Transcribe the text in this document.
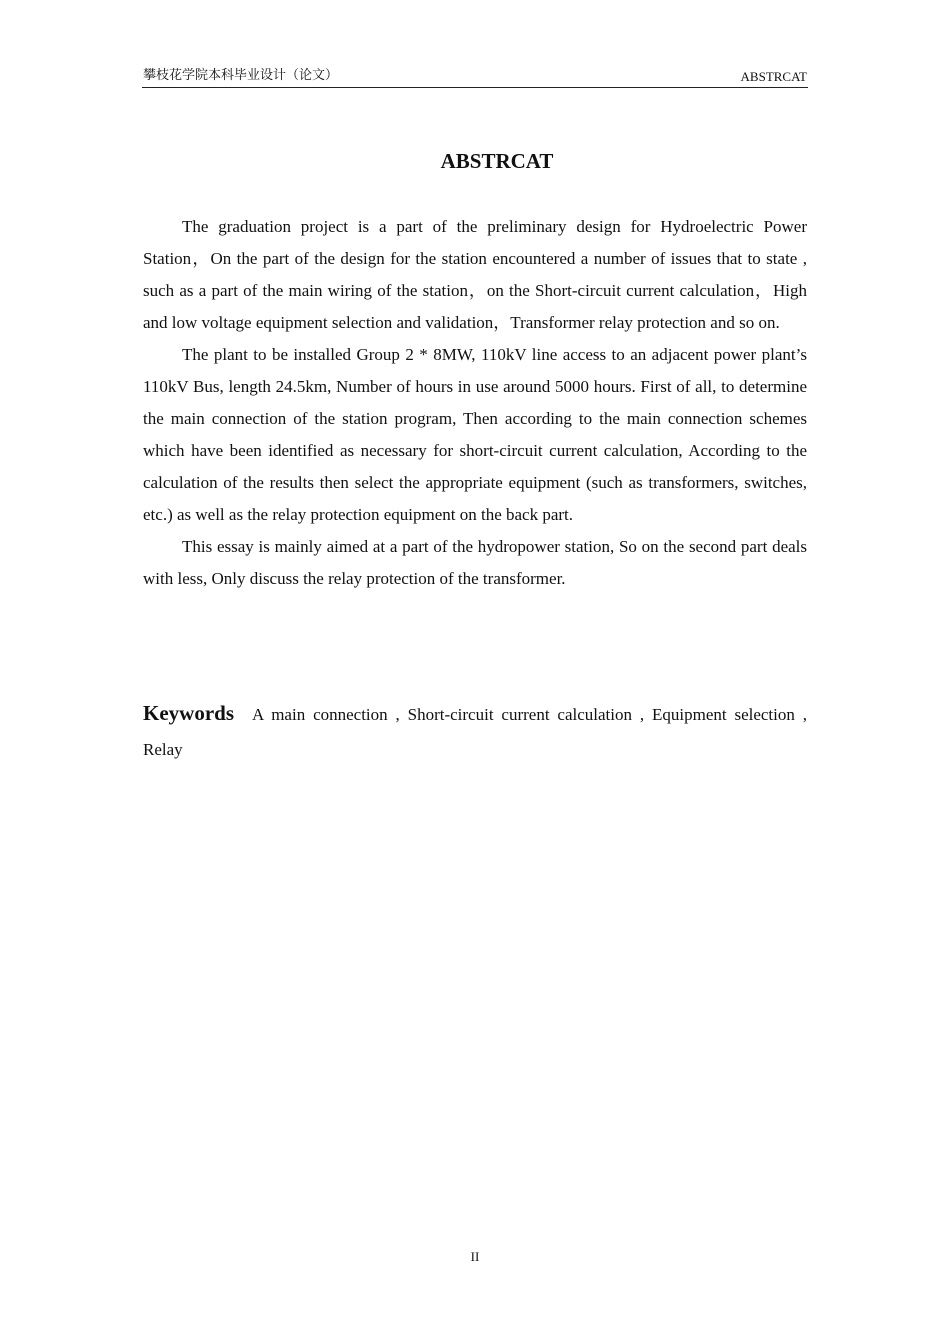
攀枝花学院本科毕业设计（论文）	ABSTRCAT
ABSTRCAT

The graduation project is a part of the preliminary design for Hydroelectric Power Station，On the part of the design for the station encountered a number of issues that to state , such as a part of the main wiring of the station，on the Short-circuit current calculation，High and low voltage equipment selection and validation，Transformer relay protection and so on.

The plant to be installed Group 2 * 8MW, 110kV line access to an adjacent power plant’s 110kV Bus, length 24.5km, Number of hours in use around 5000 hours. First of all, to determine the main connection of the station program, Then according to the main connection schemes which have been identified as necessary for short-circuit current calculation, According to the calculation of the results then select the appropriate equipment (such as transformers, switches, etc.) as well as the relay protection equipment on the back part.

This essay is mainly aimed at a part of the hydropower station, So on the second part deals with less, Only discuss the relay protection of the transformer.

Keywords A main connection , Short-circuit current calculation , Equipment selection , Relay

II
